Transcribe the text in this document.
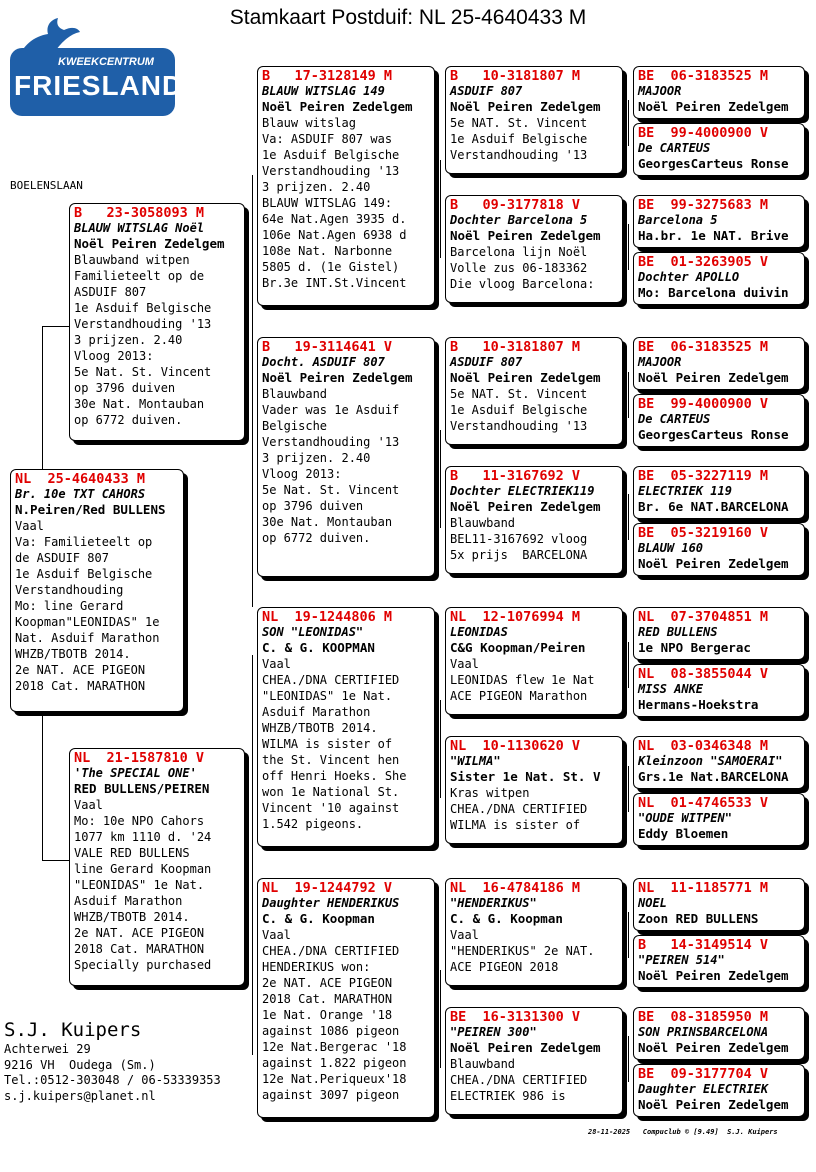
Stamkaart Postduif: NL 25-4640433 M
KWEEKCENTRUM
FRIESLAND
BOELENSLAAN
NL  25-4640433 M
Br. 10e TXT CAHORS
N.Peiren/Red BULLENS
Vaal
Va: Familieteelt op
de ASDUIF 807
1e Asduif Belgische
Verstandhouding
Mo: line Gerard
Koopman"LEONIDAS" 1e
Nat. Asduif Marathon
WHZB/TBOTB 2014.
2e NAT. ACE PIGEON
2018 Cat. MARATHON
B   23-3058093 M
BLAUW WITSLAG Noël
Noël Peiren Zedelgem
Blauwband witpen
Familieteelt op de
ASDUIF 807
1e Asduif Belgische
Verstandhouding '13
3 prijzen. 2.40
Vloog 2013:
5e Nat. St. Vincent
op 3796 duiven
30e Nat. Montauban
op 6772 duiven.
NL  21-1587810 V
'The SPECIAL ONE'
RED BULLENS/PEIREN
Vaal
Mo: 10e NPO Cahors
1077 km 1110 d. '24
VALE RED BULLENS
line Gerard Koopman
"LEONIDAS" 1e Nat.
Asduif Marathon
WHZB/TBOTB 2014.
2e NAT. ACE PIGEON
2018 Cat. MARATHON
Specially purchased
B   17-3128149 M
BLAUW WITSLAG 149
Noël Peiren Zedelgem
Blauw witslag
Va: ASDUIF 807 was
1e Asduif Belgische
Verstandhouding '13
3 prijzen. 2.40
BLAUW WITSLAG 149:
64e Nat.Agen 3935 d.
106e Nat.Agen 6938 d
108e Nat. Narbonne
5805 d. (1e Gistel)
Br.3e INT.St.Vincent
B   19-3114641 V
Docht. ASDUIF 807
Noël Peiren Zedelgem
Blauwband
Vader was 1e Asduif
Belgische
Verstandhouding '13
3 prijzen. 2.40
Vloog 2013:
5e Nat. St. Vincent
op 3796 duiven
30e Nat. Montauban
op 6772 duiven.
NL  19-1244806 M
SON "LEONIDAS"
C. & G. KOOPMAN
Vaal
CHEA./DNA CERTIFIED
"LEONIDAS" 1e Nat.
Asduif Marathon
WHZB/TBOTB 2014.
WILMA is sister of
the St. Vincent hen
off Henri Hoeks. She
won 1e National St.
Vincent '10 against
1.542 pigeons.
NL  19-1244792 V
Daughter HENDERIKUS
C. & G. Koopman
Vaal
CHEA./DNA CERTIFIED
HENDERIKUS won:
2e NAT. ACE PIGEON
2018 Cat. MARATHON
1e Nat. Orange '18
against 1086 pigeon
12e Nat.Bergerac '18
against 1.822 pigeon
12e Nat.Periqueux'18
against 3097 pigeon
B   10-3181807 M
ASDUIF 807
Noël Peiren Zedelgem
5e NAT. St. Vincent
1e Asduif Belgische
Verstandhouding '13
B   09-3177818 V
Dochter Barcelona 5
Noël Peiren Zedelgem
Barcelona lijn Noël
Volle zus 06-183362
Die vloog Barcelona:
B   10-3181807 M
ASDUIF 807
Noël Peiren Zedelgem
5e NAT. St. Vincent
1e Asduif Belgische
Verstandhouding '13
B   11-3167692 V
Dochter ELECTRIEK119
Noël Peiren Zedelgem
Blauwband
BEL11-3167692 vloog
5x prijs  BARCELONA
NL  12-1076994 M
LEONIDAS
C&G Koopman/Peiren
Vaal
LEONIDAS flew 1e Nat
ACE PIGEON Marathon
NL  10-1130620 V
"WILMA"
Sister 1e Nat. St. V
Kras witpen
CHEA./DNA CERTIFIED
WILMA is sister of
NL  16-4784186 M
"HENDERIKUS"
C. & G. Koopman
Vaal
"HENDERIKUS" 2e NAT.
ACE PIGEON 2018
BE  16-3131300 V
"PEIREN 300"
Noël Peiren Zedelgem
Blauwband
CHEA./DNA CERTIFIED
ELECTRIEK 986 is
BE  06-3183525 M
MAJOOR
Noël Peiren Zedelgem
BE  99-4000900 V
De CARTEUS
GeorgesCarteus Ronse
BE  99-3275683 M
Barcelona 5
Ha.br. 1e NAT. Brive
BE  01-3263905 V
Dochter APOLLO
Mo: Barcelona duivin
BE  06-3183525 M
MAJOOR
Noël Peiren Zedelgem
BE  99-4000900 V
De CARTEUS
GeorgesCarteus Ronse
BE  05-3227119 M
ELECTRIEK 119
Br. 6e NAT.BARCELONA
BE  05-3219160 V
BLAUW 160
Noël Peiren Zedelgem
NL  07-3704851 M
RED BULLENS
1e NPO Bergerac
NL  08-3855044 V
MISS ANKE
Hermans-Hoekstra
NL  03-0346348 M
Kleinzoon "SAMOERAI"
Grs.1e Nat.BARCELONA
NL  01-4746533 V
"OUDE WITPEN"
Eddy Bloemen
NL  11-1185771 M
NOEL
Zoon RED BULLENS
B   14-3149514 V
"PEIREN 514"
Noël Peiren Zedelgem
BE  08-3185950 M
SON PRINSBARCELONA
Noël Peiren Zedelgem
BE  09-3177704 V
Daughter ELECTRIEK
Noël Peiren Zedelgem
S.J. Kuipers
Achterwei 29
9216 VH  Oudega (Sm.)
Tel.:0512-303048 / 06-53339353
s.j.kuipers@planet.nl
28-11-2025   Compuclub © [9.49]  S.J. Kuipers
